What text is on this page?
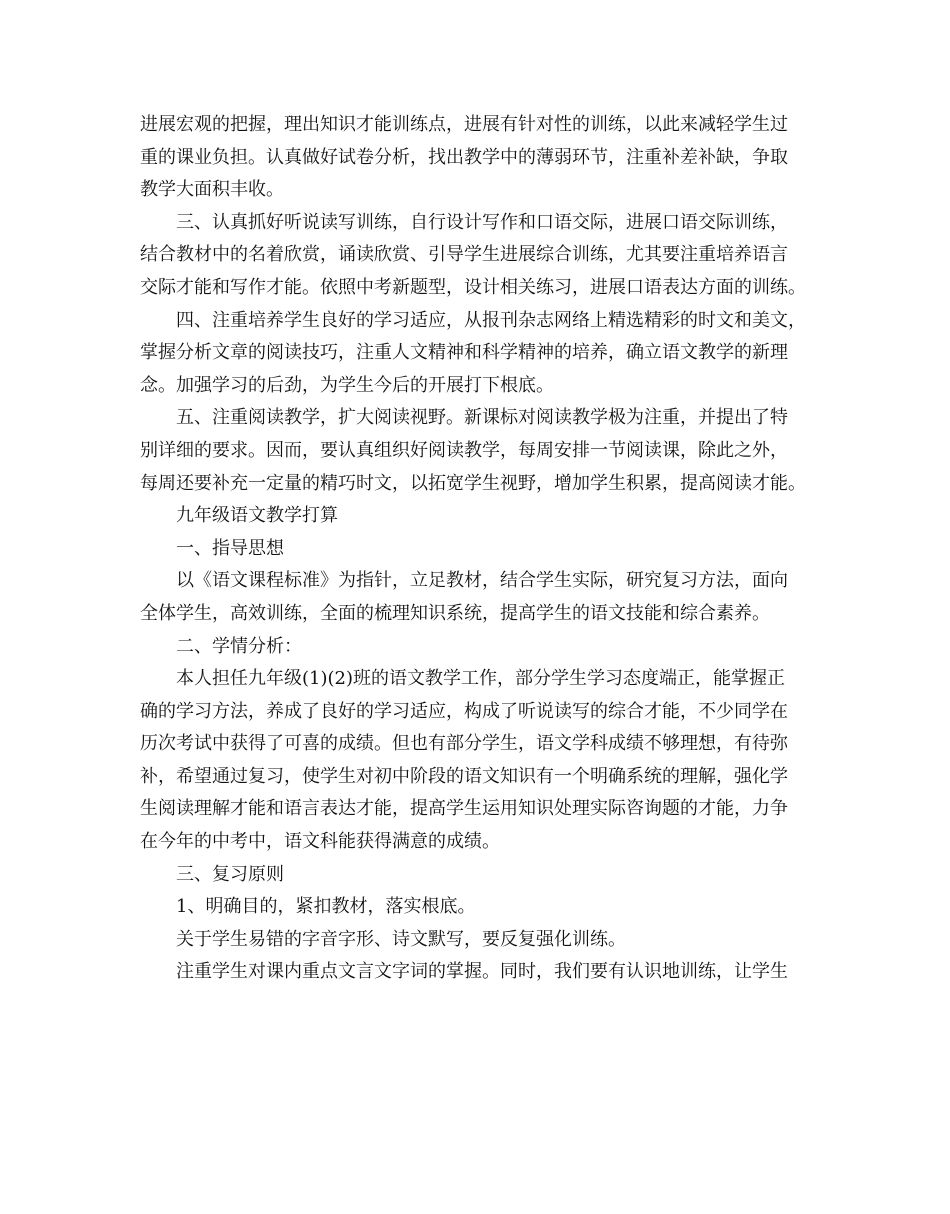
进展宏观的把握，理出知识才能训练点，进展有针对性的训练，以此来减轻学生过
重的课业负担。认真做好试卷分析，找出教学中的薄弱环节，注重补差补缺，争取
教学大面积丰收。
三、认真抓好听说读写训练，自行设计写作和口语交际，进展口语交际训练，
结合教材中的名着欣赏，诵读欣赏、引导学生进展综合训练，尤其要注重培养语言
交际才能和写作才能。依照中考新题型，设计相关练习，进展口语表达方面的训练。
四、注重培养学生良好的学习适应，从报刊杂志网络上精选精彩的时文和美文，
掌握分析文章的阅读技巧，注重人文精神和科学精神的培养，确立语文教学的新理
念。加强学习的后劲，为学生今后的开展打下根底。
五、注重阅读教学，扩大阅读视野。新课标对阅读教学极为注重，并提出了特
别详细的要求。因而，要认真组织好阅读教学，每周安排一节阅读课，除此之外，
每周还要补充一定量的精巧时文，以拓宽学生视野，增加学生积累，提高阅读才能。
九年级语文教学打算
一、指导思想
以《语文课程标准》为指针，立足教材，结合学生实际，研究复习方法，面向
全体学生，高效训练，全面的梳理知识系统，提高学生的语文技能和综合素养。
二、学情分析：
本人担任九年级(1)(2)班的语文教学工作，部分学生学习态度端正，能掌握正
确的学习方法，养成了良好的学习适应，构成了听说读写的综合才能，不少同学在
历次考试中获得了可喜的成绩。但也有部分学生，语文学科成绩不够理想，有待弥
补，希望通过复习，使学生对初中阶段的语文知识有一个明确系统的理解，强化学
生阅读理解才能和语言表达才能，提高学生运用知识处理实际咨询题的才能，力争
在今年的中考中，语文科能获得满意的成绩。
三、复习原则
1、明确目的，紧扣教材，落实根底。
关于学生易错的字音字形、诗文默写，要反复强化训练。
注重学生对课内重点文言文字词的掌握。同时，我们要有认识地训练，让学生
